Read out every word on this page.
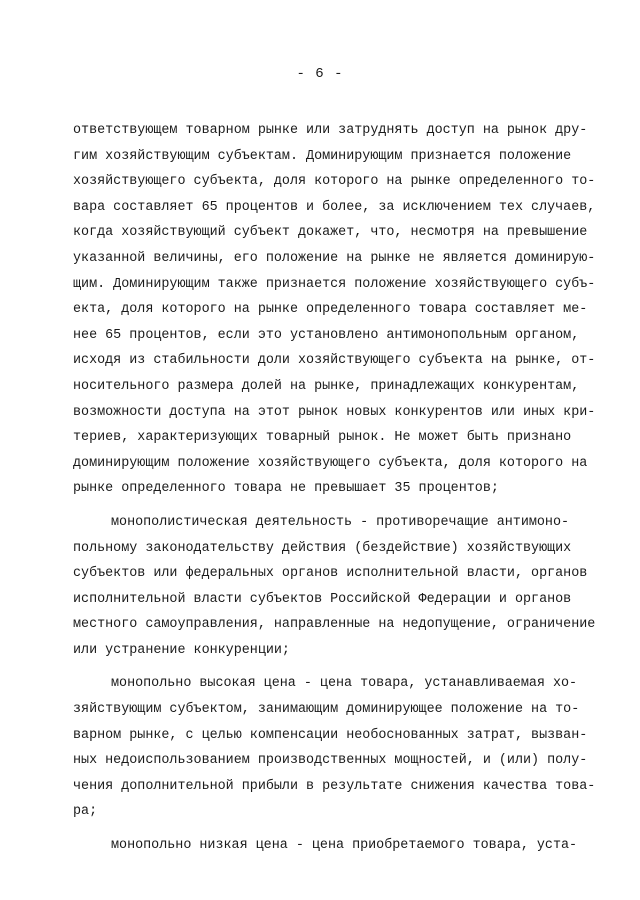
- 6 -
ответствующем товарном рынке или затруднять доступ на рынок дру-
гим хозяйствующим субъектам. Доминирующим признается положение
хозяйствующего субъекта, доля которого на рынке определенного то-
вара составляет 65 процентов и более, за исключением тех случаев,
когда хозяйствующий субъект докажет, что, несмотря на превышение
указанной величины, его положение на рынке не является доминирую-
щим. Доминирующим также признается положение хозяйствующего субъ-
екта, доля которого на рынке определенного товара составляет ме-
нее 65 процентов, если это установлено антимонопольным органом,
исходя из стабильности доли хозяйствующего субъекта на рынке, от-
носительного размера долей на рынке, принадлежащих конкурентам,
возможности доступа на этот рынок новых конкурентов или иных кри-
териев, характеризующих товарный рынок. Не может быть признано
доминирующим положение хозяйствующего субъекта, доля которого на
рынке определенного товара не превышает 35 процентов;
монополистическая деятельность - противоречащие антимоно-
польному законодательству действия (бездействие) хозяйствующих
субъектов или федеральных органов исполнительной власти, органов
исполнительной власти субъектов Российской Федерации и органов
местного самоуправления, направленные на недопущение, ограничение
или устранение конкуренции;
монопольно высокая цена - цена товара, устанавливаемая хо-
зяйствующим субъектом, занимающим доминирующее положение на то-
варном рынке, с целью компенсации необоснованных затрат, вызван-
ных недоиспользованием производственных мощностей, и (или) полу-
чения дополнительной прибыли в результате снижения качества това-
ра;
монопольно низкая цена - цена приобретаемого товара, уста-
